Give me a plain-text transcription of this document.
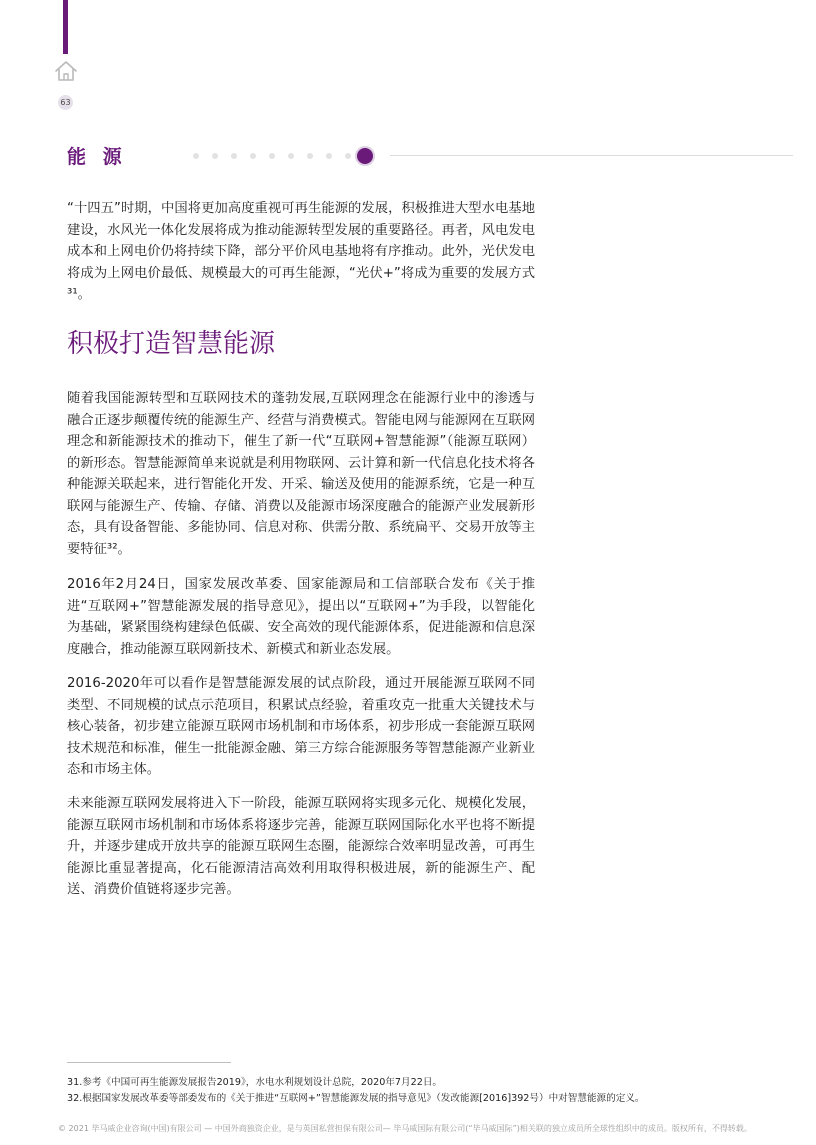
63
能 源

“十四五”时期，中国将更加高度重视可再生能源的发展，积极推进大型水电基地建设，水风光一体化发展将成为推动能源转型发展的重要路径。再者，风电发电成本和上网电价仍将持续下降，部分平价风电基地将有序推动。此外，光伏发电将成为上网电价最低、规模最大的可再生能源，“光伏+”将成为重要的发展方式³¹。

积极打造智慧能源

随着我国能源转型和互联网技术的蓬勃发展,互联网理念在能源行业中的渗透与融合正逐步颠覆传统的能源生产、经营与消费模式。智能电网与能源网在互联网理念和新能源技术的推动下，催生了新一代“互联网+智慧能源”（能源互联网）的新形态。智慧能源简单来说就是利用物联网、云计算和新一代信息化技术将各种能源关联起来，进行智能化开发、开采、输送及使用的能源系统，它是一种互联网与能源生产、传输、存储、消费以及能源市场深度融合的能源产业发展新形态，具有设备智能、多能协同、信息对称、供需分散、系统扁平、交易开放等主要特征³²。

2016年2月24日，国家发展改革委、国家能源局和工信部联合发布《关于推进“互联网+”智慧能源发展的指导意见》，提出以“互联网+”为手段，以智能化为基础，紧紧围绕构建绿色低碳、安全高效的现代能源体系，促进能源和信息深度融合，推动能源互联网新技术、新模式和新业态发展。

2016-2020年可以看作是智慧能源发展的试点阶段，通过开展能源互联网不同类型、不同规模的试点示范项目，积累试点经验，着重攻克一批重大关键技术与核心装备，初步建立能源互联网市场机制和市场体系，初步形成一套能源互联网技术规范和标准，催生一批能源金融、第三方综合能源服务等智慧能源产业新业态和市场主体。

未来能源互联网发展将进入下一阶段，能源互联网将实现多元化、规模化发展，能源互联网市场机制和市场体系将逐步完善，能源互联网国际化水平也将不断提升，并逐步建成开放共享的能源互联网生态圈，能源综合效率明显改善，可再生能源比重显著提高，化石能源清洁高效利用取得积极进展，新的能源生产、配送、消费价值链将逐步完善。

31.参考《中国可再生能源发展报告2019》，水电水利规划设计总院，2020年7月22日。
32.根据国家发展改革委等部委发布的《关于推进“互联网+”智慧能源发展的指导意见》（发改能源[2016]392号）中对智慧能源的定义。
© 2021 毕马威企业咨询(中国)有限公司 — 中国外商独资企业，是与英国私营担保有限公司— 毕马威国际有限公司(“毕马威国际”)相关联的独立成员所全球性组织中的成员。版权所有，不得转载。
